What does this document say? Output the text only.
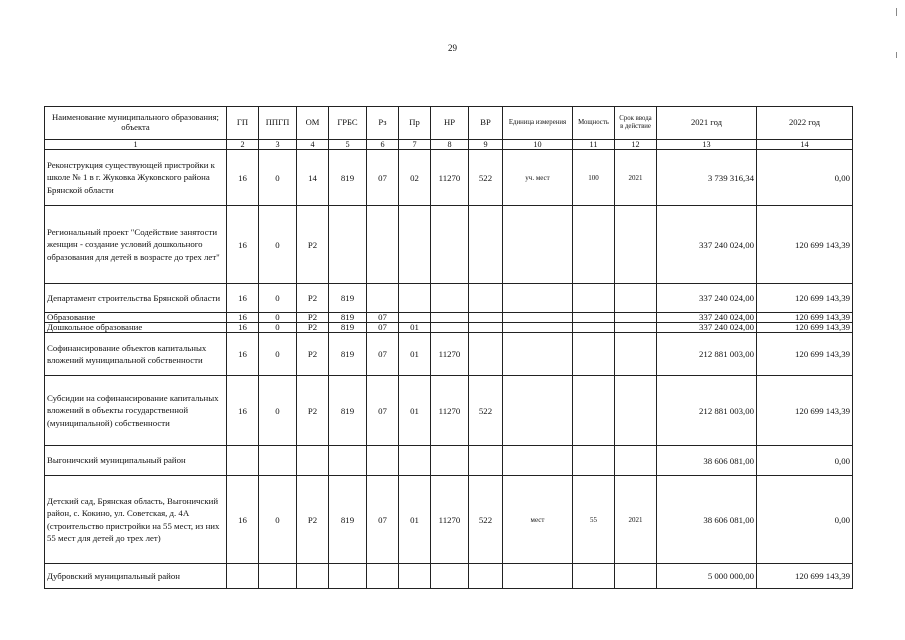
29
Наименование муниципального образования; объекта	ГП	ППГП	ОМ	ГРБС	Рз	Пр	НР	ВР	Единица измерения	Мощность	Срок ввода в действие	2021 год	2022 год
1	2	3	4	5	6	7	8	9	10	11	12	13	14
Реконструкция существующей пристройки к школе № 1 в г. Жуковка Жуковского района Брянской области	16	0	14	819	07	02	11270	522	уч. мест	100	2021	3 739 316,34	0,00
Региональный проект "Содействие занятости женщин - создание условий дошкольного образования для детей в возрасте до трех лет"	16	0	P2									337 240 024,00	120 699 143,39
Департамент строительства Брянской области	16	0	P2	819								337 240 024,00	120 699 143,39
Образование	16	0	P2	819	07							337 240 024,00	120 699 143,39
Дошкольное образование	16	0	P2	819	07	01						337 240 024,00	120 699 143,39
Софинансирование объектов капитальных вложений муниципальной собственности	16	0	P2	819	07	01	11270					212 881 003,00	120 699 143,39
Субсидии на софинансирование капитальных вложений в объекты государственной (муниципальной) собственности	16	0	P2	819	07	01	11270	522				212 881 003,00	120 699 143,39
Выгоничский муниципальный район												38 606 081,00	0,00
Детский сад, Брянская область, Выгоничский район, с. Кокино, ул. Советская, д. 4А (строительство пристройки на 55 мест, из них 55 мест для детей до трех лет)	16	0	P2	819	07	01	11270	522	мест	55	2021	38 606 081,00	0,00
Дубровский муниципальный район												5 000 000,00	120 699 143,39
